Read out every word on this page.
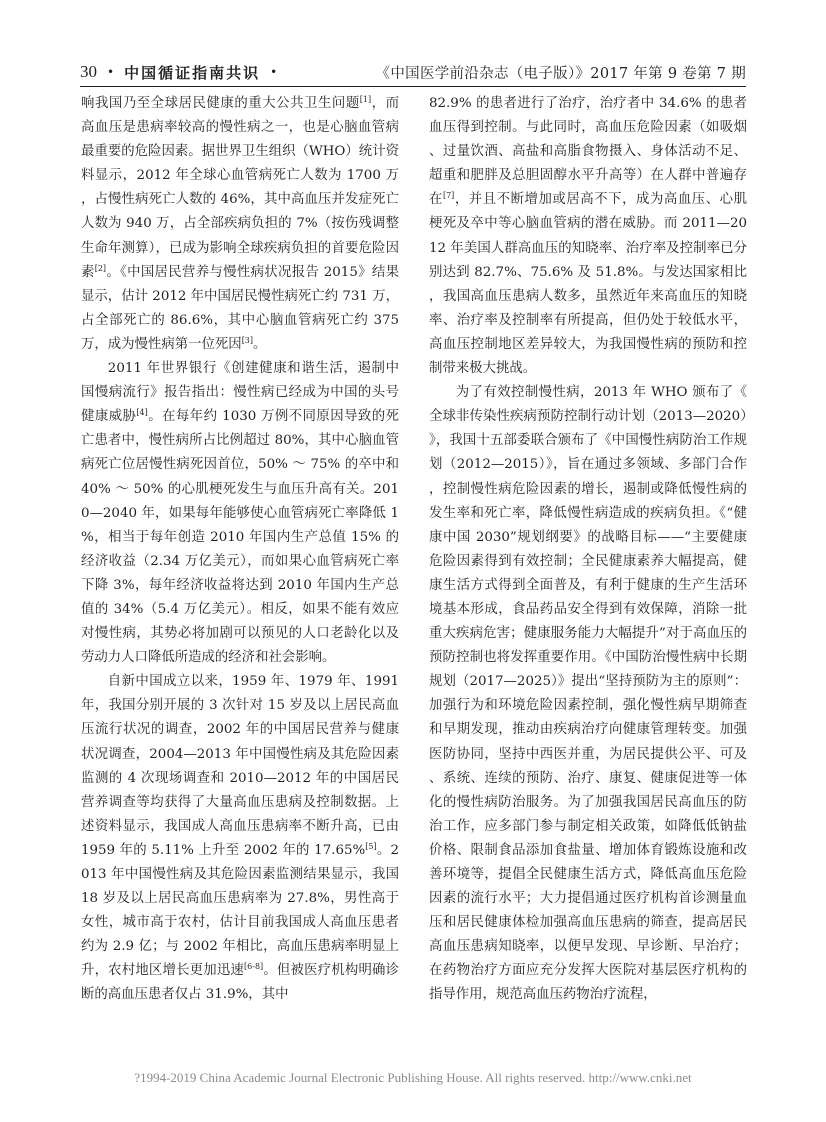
30 • 中国循证指南共识 •	《中国医学前沿杂志（电子版）》2017 年第 9 卷第 7 期

响我国乃至全球居民健康的重大公共卫生问题[1]，而高血压是患病率较高的慢性病之一，也是心脑血管病最重要的危险因素。据世界卫生组织（WHO）统计资料显示，2012 年全球心血管病死亡人数为 1700 万，占慢性病死亡人数的 46%，其中高血压并发症死亡人数为 940 万，占全部疾病负担的 7%（按伤残调整生命年测算），已成为影响全球疾病负担的首要危险因素[2]。《中国居民营养与慢性病状况报告 2015》结果显示，估计 2012 年中国居民慢性病死亡约 731 万，占全部死亡的 86.6%，其中心脑血管病死亡约 375 万，成为慢性病第一位死因[3]。

2011 年世界银行《创建健康和谐生活，遏制中国慢病流行》报告指出：慢性病已经成为中国的头号健康威胁[4]。在每年约 1030 万例不同原因导致的死亡患者中，慢性病所占比例超过 80%，其中心脑血管病死亡位居慢性病死因首位，50% ～ 75% 的卒中和 40% ～ 50% 的心肌梗死发生与血压升高有关。2010—2040 年，如果每年能够使心血管病死亡率降低 1%，相当于每年创造 2010 年国内生产总值 15% 的经济收益（2.34 万亿美元），而如果心血管病死亡率下降 3%，每年经济收益将达到 2010 年国内生产总值的 34%（5.4 万亿美元）。相反，如果不能有效应对慢性病，其势必将加剧可以预见的人口老龄化以及劳动力人口降低所造成的经济和社会影响。

自新中国成立以来，1959 年、1979 年、1991 年，我国分别开展的 3 次针对 15 岁及以上居民高血压流行状况的调查，2002 年的中国居民营养与健康状况调查，2004—2013 年中国慢性病及其危险因素监测的 4 次现场调查和 2010—2012 年的中国居民营养调查等均获得了大量高血压患病及控制数据。上述资料显示，我国成人高血压患病率不断升高，已由 1959 年的 5.11% 上升至 2002 年的 17.65%[5]。2013 年中国慢性病及其危险因素监测结果显示，我国 18 岁及以上居民高血压患病率为 27.8%，男性高于女性，城市高于农村，估计目前我国成人高血压患者约为 2.9 亿；与 2002 年相比，高血压患病率明显上升，农村地区增长更加迅速[6-8]。但被医疗机构明确诊断的高血压患者仅占 31.9%，其中

82.9% 的患者进行了治疗，治疗者中 34.6% 的患者血压得到控制。与此同时，高血压危险因素（如吸烟、过量饮酒、高盐和高脂食物摄入、身体活动不足、超重和肥胖及总胆固醇水平升高等）在人群中普遍存在[7]，并且不断增加或居高不下，成为高血压、心肌梗死及卒中等心脑血管病的潜在威胁。而 2011—2012 年美国人群高血压的知晓率、治疗率及控制率已分别达到 82.7%、75.6% 及 51.8%。与发达国家相比，我国高血压患病人数多，虽然近年来高血压的知晓率、治疗率及控制率有所提高，但仍处于较低水平，高血压控制地区差异较大，为我国慢性病的预防和控制带来极大挑战。

为了有效控制慢性病，2013 年 WHO 颁布了《全球非传染性疾病预防控制行动计划（2013—2020）》，我国十五部委联合颁布了《中国慢性病防治工作规划（2012—2015）》，旨在通过多领域、多部门合作，控制慢性病危险因素的增长，遏制或降低慢性病的发生率和死亡率，降低慢性病造成的疾病负担。《“健康中国 2030”规划纲要》的战略目标——“主要健康危险因素得到有效控制；全民健康素养大幅提高，健康生活方式得到全面普及，有利于健康的生产生活环境基本形成，食品药品安全得到有效保障，消除一批重大疾病危害；健康服务能力大幅提升”对于高血压的预防控制也将发挥重要作用。《中国防治慢性病中长期规划（2017—2025）》提出“坚持预防为主的原则”：加强行为和环境危险因素控制，强化慢性病早期筛查和早期发现，推动由疾病治疗向健康管理转变。加强医防协同，坚持中西医并重，为居民提供公平、可及、系统、连续的预防、治疗、康复、健康促进等一体化的慢性病防治服务。为了加强我国居民高血压的防治工作，应多部门参与制定相关政策，如降低低钠盐价格、限制食品添加食盐量、增加体育锻炼设施和改善环境等，提倡全民健康生活方式，降低高血压危险因素的流行水平；大力提倡通过医疗机构首诊测量血压和居民健康体检加强高血压患病的筛查，提高居民高血压患病知晓率，以便早发现、早诊断、早治疗；在药物治疗方面应充分发挥大医院对基层医疗机构的指导作用，规范高血压药物治疗流程，

?1994-2019 China Academic Journal Electronic Publishing House. All rights reserved. http://www.cnki.net
